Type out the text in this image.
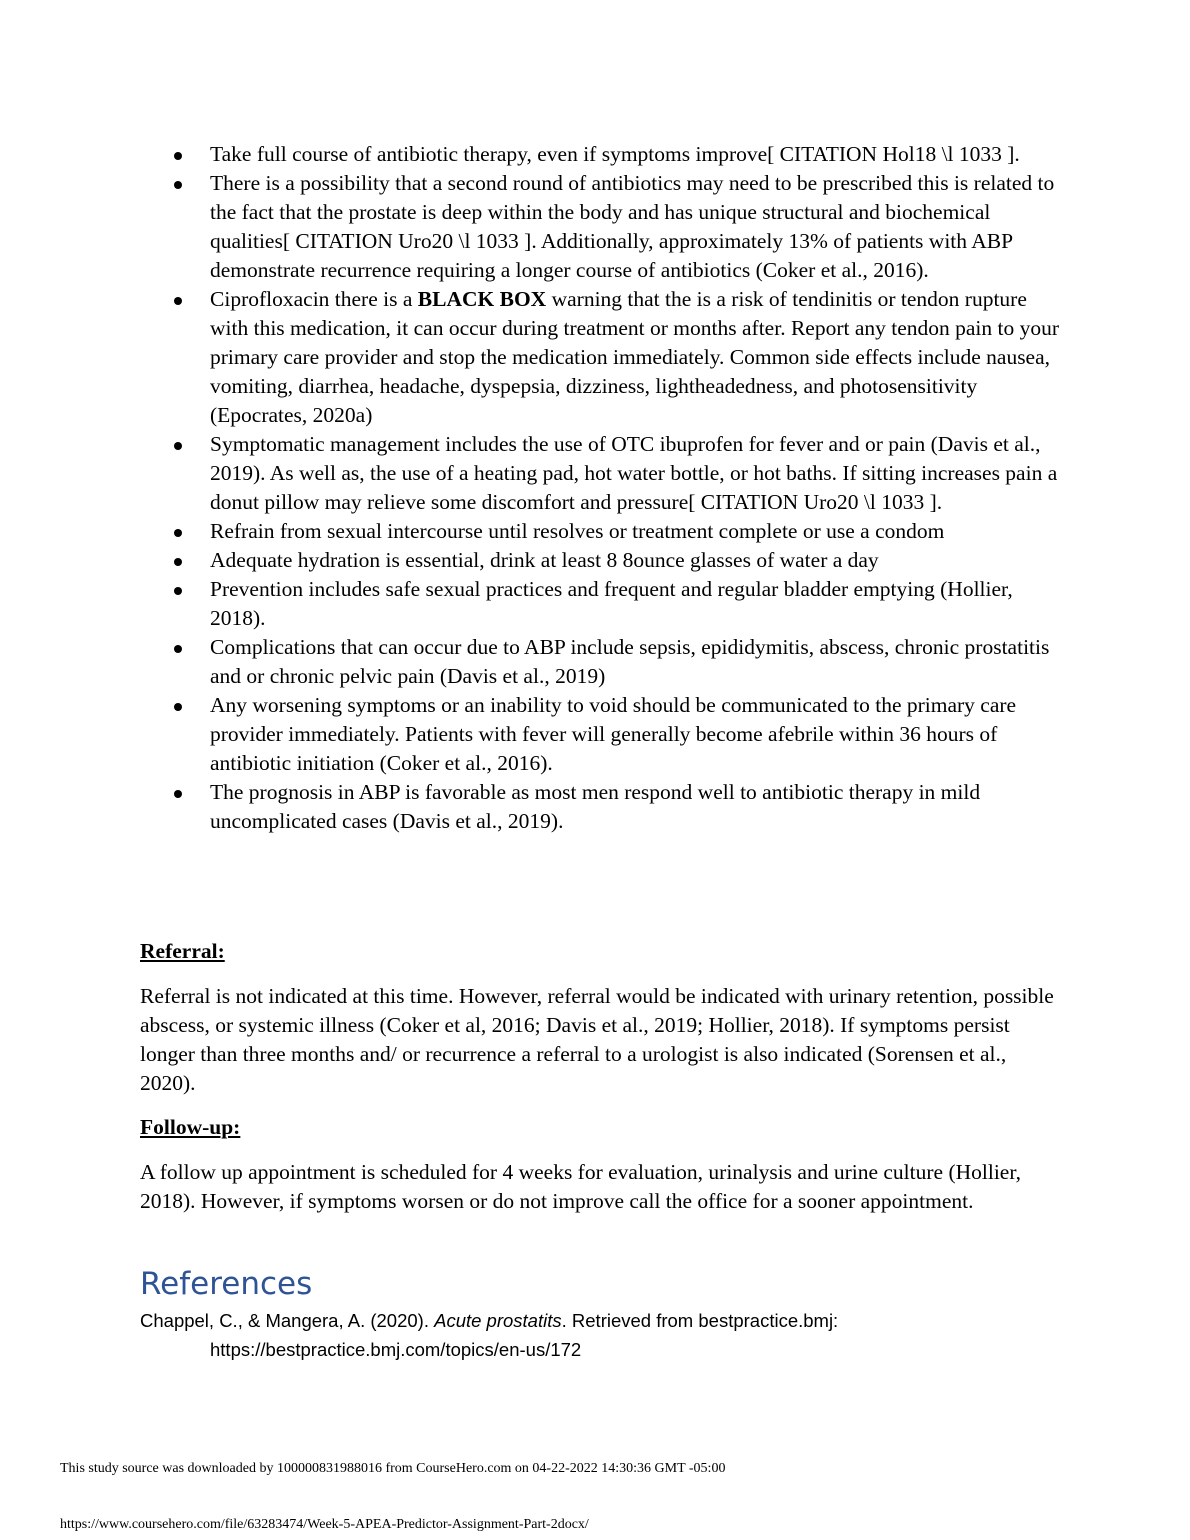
Take full course of antibiotic therapy, even if symptoms improve[ CITATION Hol18 \l 1033 ].
There is a possibility that a second round of antibiotics may need to be prescribed this is related to the fact that the prostate is deep within the body and has unique structural and biochemical qualities[ CITATION Uro20 \l 1033 ]. Additionally, approximately 13% of patients with ABP demonstrate recurrence requiring a longer course of antibiotics (Coker et al., 2016).
Ciprofloxacin there is a BLACK BOX warning that the is a risk of tendinitis or tendon rupture with this medication, it can occur during treatment or months after. Report any tendon pain to your primary care provider and stop the medication immediately. Common side effects include nausea, vomiting, diarrhea, headache, dyspepsia, dizziness, lightheadedness, and photosensitivity (Epocrates, 2020a)
Symptomatic management includes the use of OTC ibuprofen for fever and or pain (Davis et al., 2019). As well as, the use of a heating pad, hot water bottle, or hot baths. If sitting increases pain a donut pillow may relieve some discomfort and pressure[ CITATION Uro20 \l 1033 ].
Refrain from sexual intercourse until resolves or treatment complete or use a condom
Adequate hydration is essential, drink at least 8 8ounce glasses of water a day
Prevention includes safe sexual practices and frequent and regular bladder emptying (Hollier, 2018).
Complications that can occur due to ABP include sepsis, epididymitis, abscess, chronic prostatitis and or chronic pelvic pain (Davis et al., 2019)
Any worsening symptoms or an inability to void should be communicated to the primary care provider immediately. Patients with fever will generally become afebrile within 36 hours of antibiotic initiation (Coker et al., 2016).
The prognosis in ABP is favorable as most men respond well to antibiotic therapy in mild uncomplicated cases (Davis et al., 2019).
Referral:
Referral is not indicated at this time. However, referral would be indicated with urinary retention, possible abscess, or systemic illness (Coker et al, 2016; Davis et al., 2019; Hollier, 2018). If symptoms persist longer than three months and/ or recurrence a referral to a urologist is also indicated (Sorensen et al., 2020).
Follow-up:
A follow up appointment is scheduled for 4 weeks for evaluation, urinalysis and urine culture (Hollier, 2018). However, if symptoms worsen or do not improve call the office for a sooner appointment.
References
Chappel, C., & Mangera, A. (2020). Acute prostatits. Retrieved from bestpractice.bmj: https://bestpractice.bmj.com/topics/en-us/172
This study source was downloaded by 100000831988016 from CourseHero.com on 04-22-2022 14:30:36 GMT -05:00
https://www.coursehero.com/file/63283474/Week-5-APEA-Predictor-Assignment-Part-2docx/
